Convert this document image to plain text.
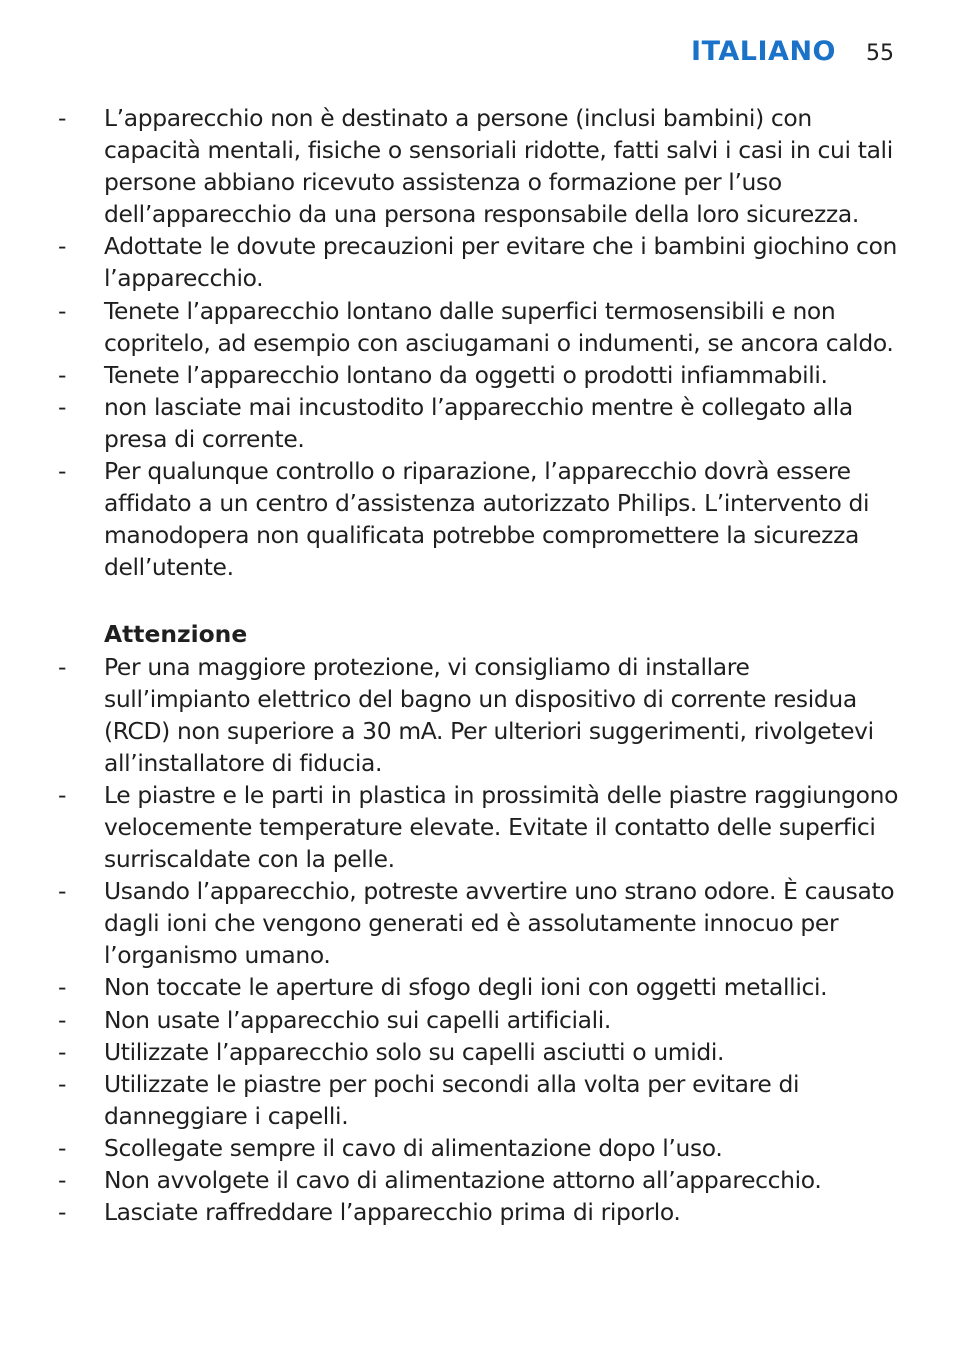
ITALIANO 55
- L’apparecchio non è destinato a persone (inclusi bambini) con capacità mentali, fisiche o sensoriali ridotte, fatti salvi i casi in cui tali persone abbiano ricevuto assistenza o formazione per l’uso dell’apparecchio da una persona responsabile della loro sicurezza.
- Adottate le dovute precauzioni per evitare che i bambini giochino con l’apparecchio.
- Tenete l’apparecchio lontano dalle superfici termosensibili e non copritelo, ad esempio con asciugamani o indumenti, se ancora caldo.
- Tenete l’apparecchio lontano da oggetti o prodotti infiammabili.
- non lasciate mai incustodito l’apparecchio mentre è collegato alla presa di corrente.
- Per qualunque controllo o riparazione, l’apparecchio dovrà essere affidato a un centro d’assistenza autorizzato Philips. L’intervento di manodopera non qualificata potrebbe compromettere la sicurezza dell’utente.
Attenzione
- Per una maggiore protezione, vi consigliamo di installare sull’impianto elettrico del bagno un dispositivo di corrente residua (RCD) non superiore a 30 mA. Per ulteriori suggerimenti, rivolgetevi all’installatore di fiducia.
- Le piastre e le parti in plastica in prossimità delle piastre raggiungono velocemente temperature elevate. Evitate il contatto delle superfici surriscaldate con la pelle.
- Usando l’apparecchio, potreste avvertire uno strano odore. È causato dagli ioni che vengono generati ed è assolutamente innocuo per l’organismo umano.
- Non toccate le aperture di sfogo degli ioni con oggetti metallici.
- Non usate l’apparecchio sui capelli artificiali.
- Utilizzate l’apparecchio solo su capelli asciutti o umidi.
- Utilizzate le piastre per pochi secondi alla volta per evitare di danneggiare i capelli.
- Scollegate sempre il cavo di alimentazione dopo l’uso.
- Non avvolgete il cavo di alimentazione attorno all’apparecchio.
- Lasciate raffreddare l’apparecchio prima di riporlo.
